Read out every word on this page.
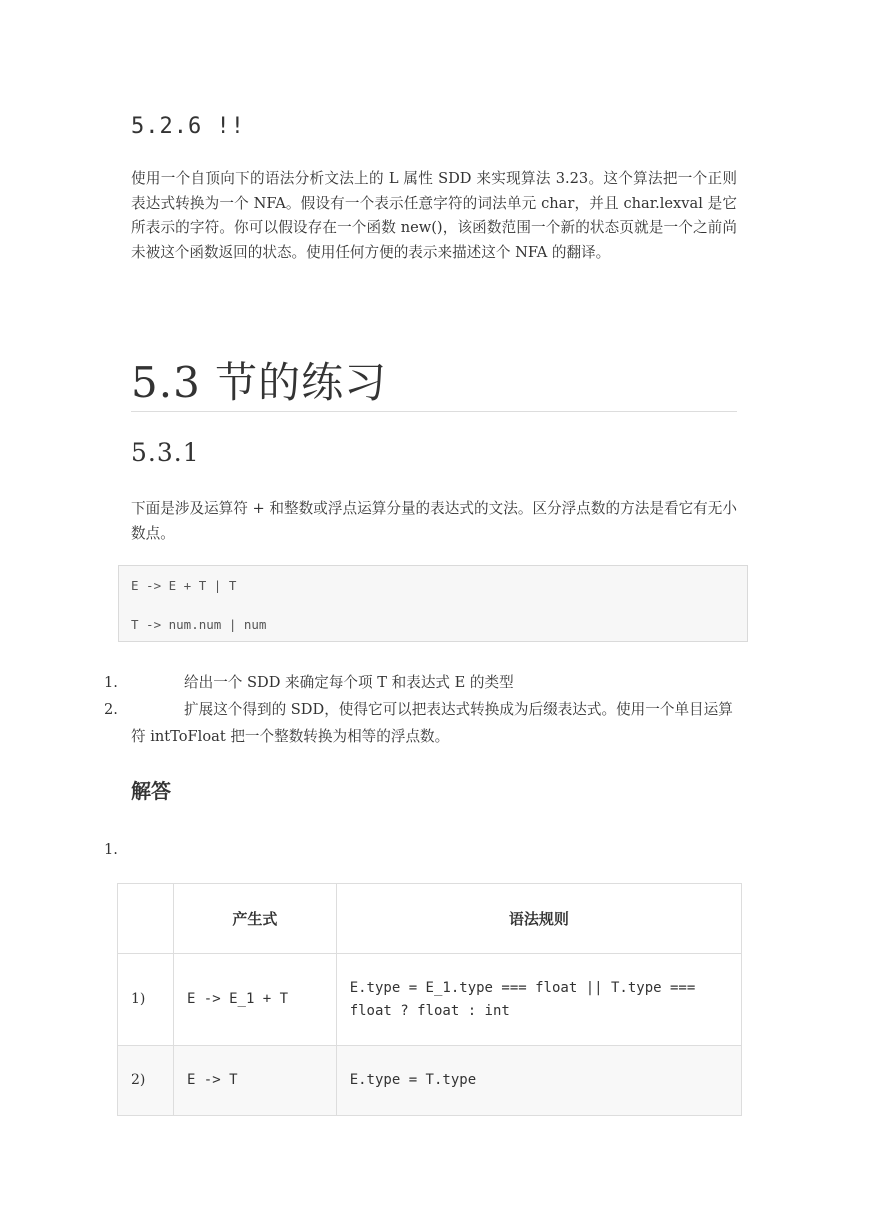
5.2.6 !!
使用一个自顶向下的语法分析文法上的 L 属性 SDD 来实现算法 3.23。这个算法把一个正则表达式转换为一个 NFA。假设有一个表示任意字符的词法单元 char，并且 char.lexval 是它所表示的字符。你可以假设存在一个函数 new()，该函数范围一个新的状态页就是一个之前尚未被这个函数返回的状态。使用任何方便的表示来描述这个 NFA 的翻译。
5.3 节的练习
5.3.1
下面是涉及运算符 + 和整数或浮点运算分量的表达式的文法。区分浮点数的方法是看它有无小数点。
E -> E + T | T
T -> num.num | num
1.	给出一个 SDD 来确定每个项 T 和表达式 E 的类型
2.	扩展这个得到的 SDD，使得它可以把表达式转换成为后缀表达式。使用一个单目运算符 intToFloat 把一个整数转换为相等的浮点数。
解答
1.
	产生式	语法规则
1)	E -> E_1 + T	E.type = E_1.type === float || T.type === float ? float : int
2)	E -> T	E.type = T.type
